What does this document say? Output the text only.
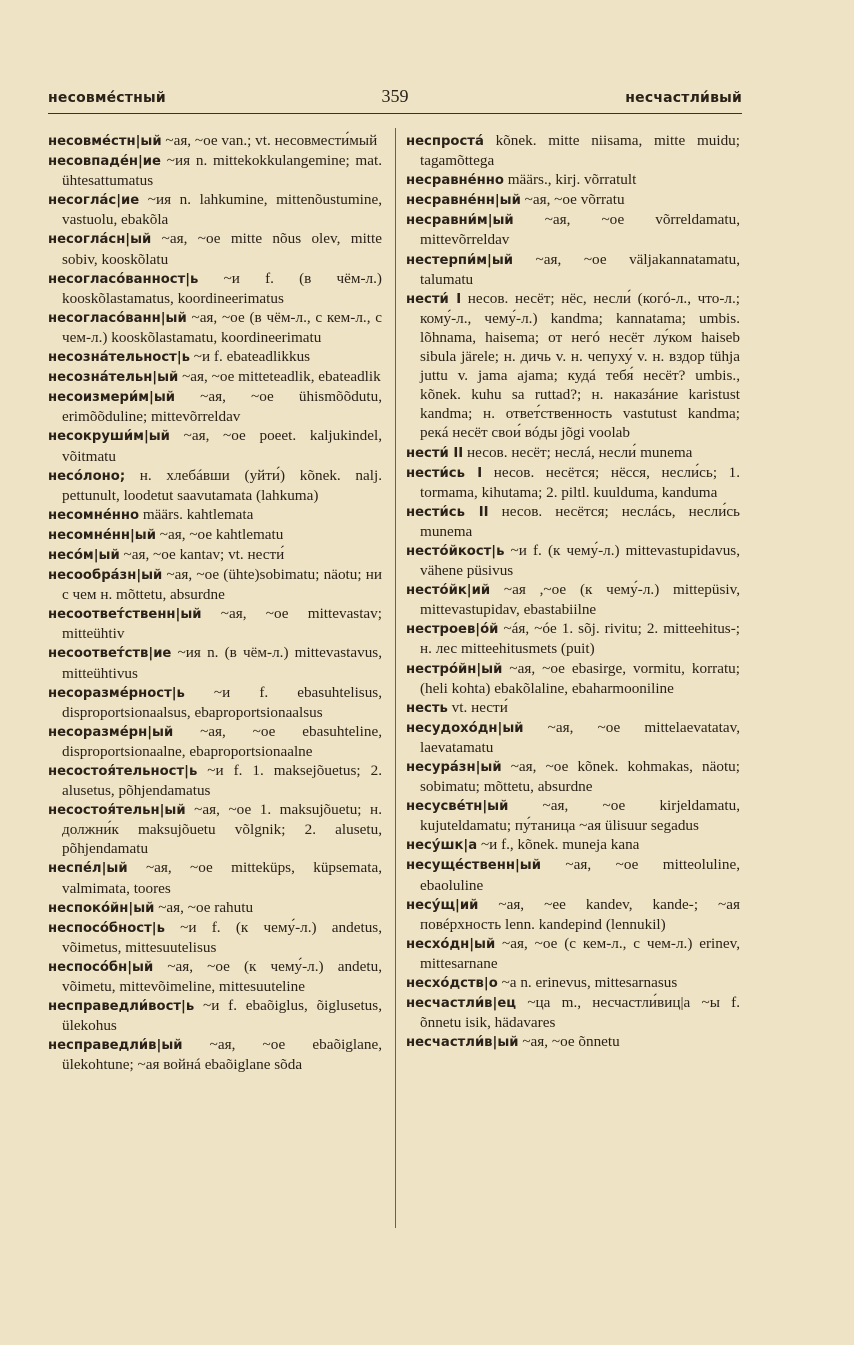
несовмéстный	359	несчастли́вый
несовмéстн|ый ~ая, ~ое van.; vt. несовмести́мый
несовпадéн|ие ~ия n. mittekokkulangemine; mat. ühtesattumatus
несоглáс|ие ~ия n. lahkumine, mittenõustumine, vastuolu, ebakõla
несоглáсн|ый ~ая, ~ое mitte nõus olev, mitte sobiv, kooskõlatu
несогласóванност|ь ~и f. (в чём-л.) kooskõlastamatus, koordineerimatus
несогласóванн|ый ~ая, ~ое (в чём-л., с кем-л., с чем-л.) kooskõlastamatu, koordineerimatu
несознáтельност|ь ~и f. ebateadlikkus
несознáтельн|ый ~ая, ~ое mitteteadlik, ebateadlik
несоизмери́м|ый ~ая, ~ое ühismõõdutu, erimõõduline; mittevõrreldav
несокруши́м|ый ~ая, ~ое poeet. kaljukindel, võitmatu
несóлоно; н. хлебáвши (уйти́) kõnek. nalj. pettunult, loodetut saavutamata (lahkuma)
несомнéнно määrs. kahtlemata
несомнéнн|ый ~ая, ~ое kahtlematu
несóм|ый ~ая, ~ое kantav; vt. нести́
несообрáзн|ый ~ая, ~ое (ühte)sobimatu; näotu; ни с чем н. mõttetu, absurdne
несоответ́ственн|ый ~ая, ~ое mittevastav; mitteühtiv
несоответ́ств|ие ~ия n. (в чём-л.) mittevastavus, mitteühtivus
несоразмéрност|ь ~и f. ebasuhtelisus, disproportsionaalsus, ebaproportsionaalsus
несоразмéрн|ый ~ая, ~ое ebasuhteline, disproportsionaalne, ebaproportsionaalne
несостоя́тельност|ь ~и f. 1. maksejõuetus; 2. alusetus, põhjendamatus
несостоя́тельн|ый ~ая, ~ое 1. maksujõuetu; н. должни́к maksujõuetu võlgnik; 2. alusetu, põhjendamatu
неспéл|ый ~ая, ~ое mitteküps, küpsemata, valmimata, toores
неспокóйн|ый ~ая, ~ое rahutu
неспосóбност|ь ~и f. (к чему́-л.) andetus, võimetus, mittesuutelisus
неспосóбн|ый ~ая, ~ое (к чему́-л.) andetu, võimetu, mittevõimeline, mittesuuteline
несправедли́вост|ь ~и f. ebaõiglus, õiglusetus, ülekohus
несправедли́в|ый ~ая, ~ое ebaõiglane, ülekohtune; ~ая войнá ebaõiglane sõda
неспростá kõnek. mitte niisama, mitte muidu; tagamõttega
несравнéнно määrs., kirj. võrratult
несравнéнн|ый ~ая, ~ое võrratu
несравни́м|ый ~ая, ~ое võrreldamatu, mittevõrreldav
нестерпи́м|ый ~ая, ~ое väljakannatamatu, talumatu
нести́ I несов. несёт; нёс, несли́ (когó-л., что-л.; кому́-л., чему́-л.) kandma; kannatama; umbis. lõhnama, haisema; от негó несёт лу́ком haiseb sibula järele; н. дичь v. н. чепуху́ v. н. вздор tühja juttu v. jama ajama; кудá тебя́ несёт? umbis., kõnek. kuhu sa ruttad?; н. наказáние karistust kandma; н. ответ́ственность vastutust kandma; рекá несёт свои́ вóды jõgi voolab
нести́ II несов. несёт; неслá, несли́ munema
нести́сь I несов. несётся; нёсся, несли́сь; 1. tormama, kihutama; 2. piltl. kuulduma, kanduma
нести́сь II несов. несётся; неслáсь, несли́сь munema
нестóйкост|ь ~и f. (к чему́-л.) mittevastupidavus, vähene püsivus
нестóйк|ий ~ая ,~ое (к чему́-л.) mittepüsiv, mittevastupidav, ebastabiilne
нестроев|óй ~áя, ~óе 1. sõj. rivitu; 2. mitteehitus-; н. лес mitteehitusmets (puit)
нестрóйн|ый ~ая, ~ое ebasirge, vormitu, korratu; (heli kohta) ebakõlaline, ebaharmooniline
несть vt. нести́
несудохóдн|ый ~ая, ~ое mittelaevatatav, laevatamatu
несурáзн|ый ~ая, ~ое kõnek. kohmakas, näotu; sobimatu; mõttetu, absurdne
несусвéтн|ый ~ая, ~ое kirjeldamatu, kujuteldamatu; пу́таница ~ая ülisuur segadus
несу́шк|а ~и f., kõnek. muneja kana
несущéственн|ый ~ая, ~ое mitteoluline, ebaoluline
несу́щ|ий ~ая, ~ее kandev, kande-; ~ая повéрхность lenn. kandepind (lennukil)
несхóдн|ый ~ая, ~ое (с кем-л., с чем-л.) erinev, mittesarnane
несхóдств|о ~а n. erinevus, mittesarnasus
несчастли́в|ец ~ца m., несчастли́виц|а ~ы f. õnnetu isik, hädavares
несчастли́в|ый ~ая, ~ое õnnetu
